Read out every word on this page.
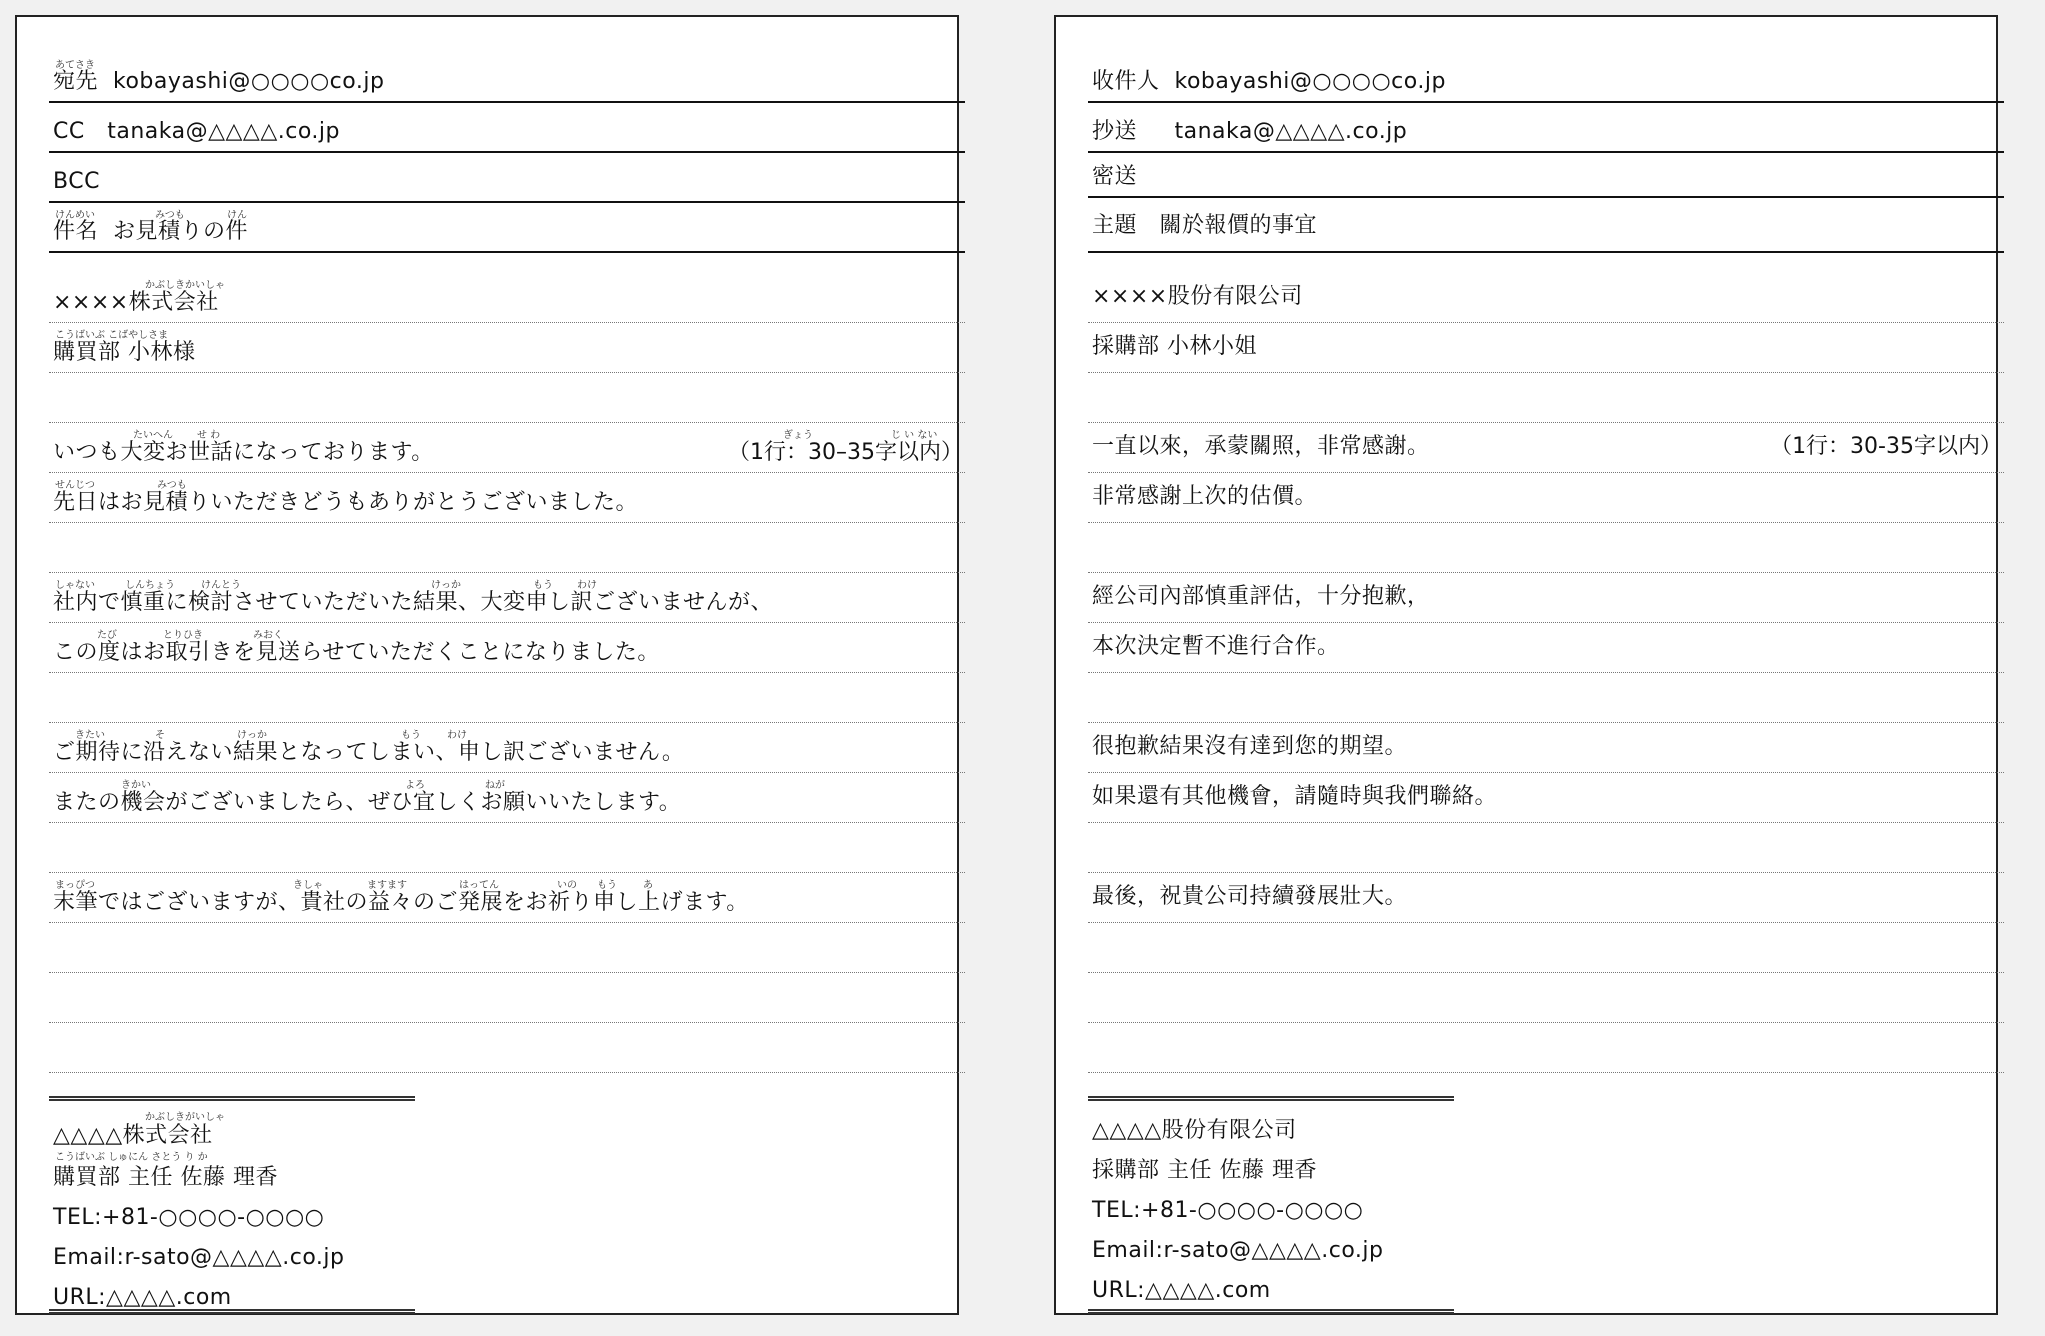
あてさき
宛先 kobayashi@○○○○co.jp
CC tanaka@△△△△.co.jp
BCC
けんめい	みつも	けん
件名 お見積りの件
かぶしきかいしゃ
××××株式会社
こうばいぶ こばやしさま
購買部 小林様
たいへん せ わ	ぎょう	じ い ない
いつも大変お世話になっております。	（1行：30–35字以内）
せんじつ	みつも
先日はお見積りいただきどうもありがとうございました。
しゃない	しんちょう	けんとう	けっか	もう わけ
社内で慎重に検討させていただいた結果、大変申し訳ございませんが、
たび	とりひき	みおく
この度はお取引きを見送らせていただくことになりました。
きたい	そ	けっか	もう	わけ
ご期待に沿えない結果となってしまい、申し訳ございません。
きかい	よろ	ねが
またの機会がございましたら、ぜひ宜しくお願いいたします。
まっぴつ	きしゃ	ますます	はってん	いの もう	あ
末筆ではございますが、貴社の益々のご発展をお祈り申し上げます。
かぶしきがいしゃ
△△△△株式会社
こうばいぶ しゅにん さとう り か
購買部 主任 佐藤 理香
TEL:+81-○○○○-○○○○
Email:r-sato@△△△△.co.jp
URL:△△△△.com
收件人 kobayashi@○○○○co.jp
抄送 tanaka@△△△△.co.jp
密送
主題 關於報價的事宜
××××股份有限公司
採購部 小林小姐
一直以來，承蒙關照，非常感謝。	（1行：30-35字以内）
非常感謝上次的估價。
經公司內部慎重評估，十分抱歉，
本次決定暫不進行合作。
很抱歉結果沒有達到您的期望。
如果還有其他機會，請隨時與我們聯絡。
最後，祝貴公司持續發展壯大。
△△△△股份有限公司
採購部 主任 佐藤 理香
TEL:+81-○○○○-○○○○
Email:r-sato@△△△△.co.jp
URL:△△△△.com
